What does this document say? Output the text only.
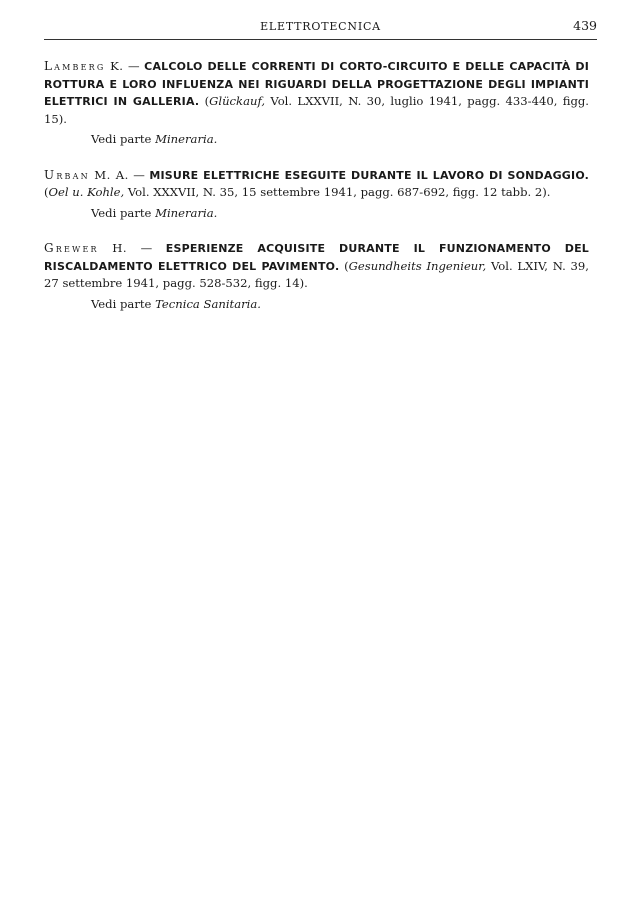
ELETTROTECNICA	439

Lamberg K. — CALCOLO DELLE CORRENTI DI CORTO-CIRCUITO E DELLE CAPACITÀ DI ROTTURA E LORO INFLUENZA NEI RIGUARDI DELLA PROGETTAZIONE DEGLI IMPIANTI ELETTRICI IN GALLERIA. (Glückauf, Vol. LXXVII, N. 30, luglio 1941, pagg. 433-440, figg. 15).

Vedi parte Mineraria.

Urban M. A. — MISURE ELETTRICHE ESEGUITE DURANTE IL LAVORO DI SONDAGGIO. (Oel u. Kohle, Vol. XXXVII, N. 35, 15 settembre 1941, pagg. 687-692, figg. 12 tabb. 2).

Vedi parte Mineraria.

Grewer H. — ESPERIENZE ACQUISITE DURANTE IL FUNZIONAMENTO DEL RISCALDAMENTO ELETTRICO DEL PAVIMENTO. (Gesundheits Ingenieur, Vol. LXIV, N. 39, 27 settembre 1941, pagg. 528-532, figg. 14).

Vedi parte Tecnica Sanitaria.
